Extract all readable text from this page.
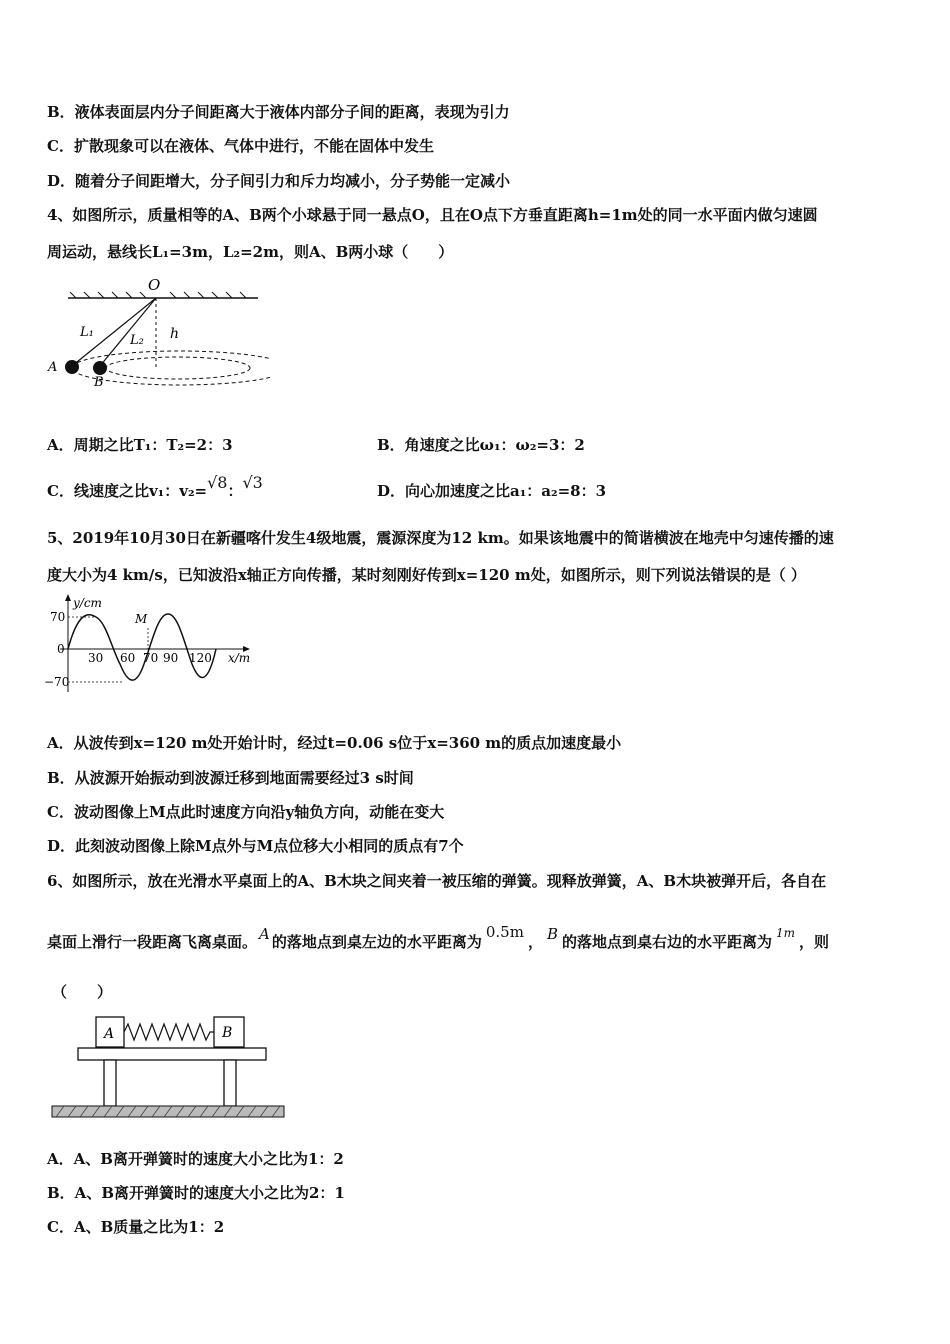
B．液体表面层内分子间距离大于液体内部分子间的距离，表现为引力
C．扩散现象可以在液体、气体中进行，不能在固体中发生
D．随着分子间距增大，分子间引力和斥力均减小，分子势能一定减小
4、如图所示，质量相等的A、B两个小球悬于同一悬点O，且在O点下方垂直距离h=1m处的同一水平面内做匀速圆
周运动，悬线长L₁=3m，L₂=2m，则A、B两小球（　　）
O
h
L₁
L₂
A
B
A．周期之比T₁：T₂=2：3	B．角速度之比ω₁：ω₂=3：2
C．线速度之比v₁：v₂=√8：√3	D．向心加速度之比a₁：a₂=8：3
5、2019年10月30日在新疆喀什发生4级地震，震源深度为12 km。如果该地震中的简谐横波在地壳中匀速传播的速
度大小为4 km/s，已知波沿x轴正方向传播，某时刻刚好传到x=120 m处，如图所示，则下列说法错误的是（ ）
y/cm
x/m
70
0
−70
M
30 60 70 90 120
A．从波传到x=120 m处开始计时，经过t=0.06 s位于x=360 m的质点加速度最小
B．从波源开始振动到波源迁移到地面需要经过3 s时间
C．波动图像上M点此时速度方向沿y轴负方向，动能在变大
D．此刻波动图像上除M点外与M点位移大小相同的质点有7个
6、如图所示，放在光滑水平桌面上的A、B木块之间夹着一被压缩的弹簧。现释放弹簧，A、B木块被弹开后，各自在
桌面上滑行一段距离飞离桌面。 A 的落地点到桌左边的水平距离为0.5m， B 的落地点到桌右边的水平距离为 $^{1m}$ ，则
（　　）
A	B
A．A、B离开弹簧时的速度大小之比为1：2
B．A、B离开弹簧时的速度大小之比为2：1
C．A、B质量之比为1：2
